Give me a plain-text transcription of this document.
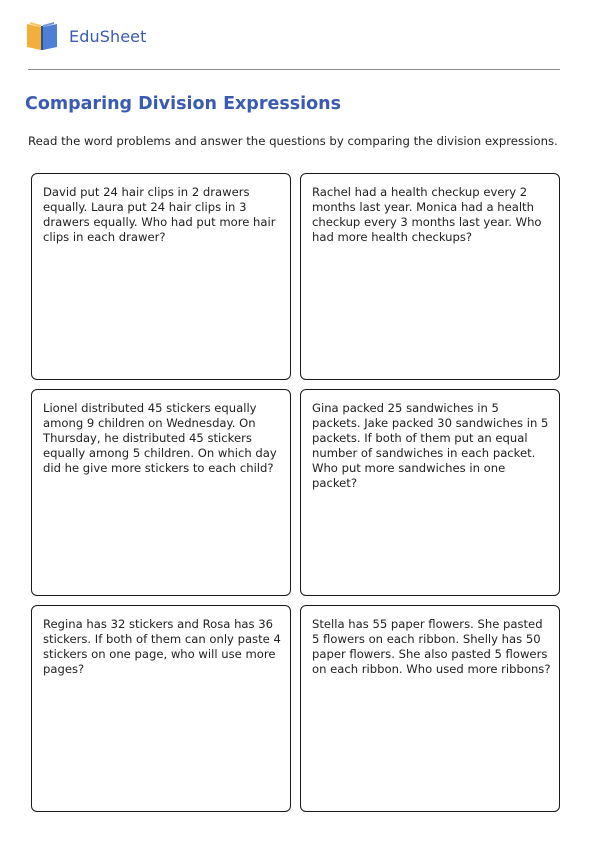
EduSheet
Comparing Division Expressions

Read the word problems and answer the questions by comparing the division expressions.

David put 24 hair clips in 2 drawers equally. Laura put 24 hair clips in 3 drawers equally. Who had put more hair clips in each drawer?

Rachel had a health checkup every 2 months last year. Monica had a health checkup every 3 months last year. Who had more health checkups?

Lionel distributed 45 stickers equally among 9 children on Wednesday. On Thursday, he distributed 45 stickers equally among 5 children. On which day did he give more stickers to each child?

Gina packed 25 sandwiches in 5 packets. Jake packed 30 sandwiches in 5 packets. If both of them put an equal number of sandwiches in each packet. Who put more sandwiches in one packet?

Regina has 32 stickers and Rosa has 36 stickers. If both of them can only paste 4 stickers on one page, who will use more pages?

Stella has 55 paper flowers. She pasted 5 flowers on each ribbon. Shelly has 50 paper flowers. She also pasted 5 flowers on each ribbon. Who used more ribbons?
